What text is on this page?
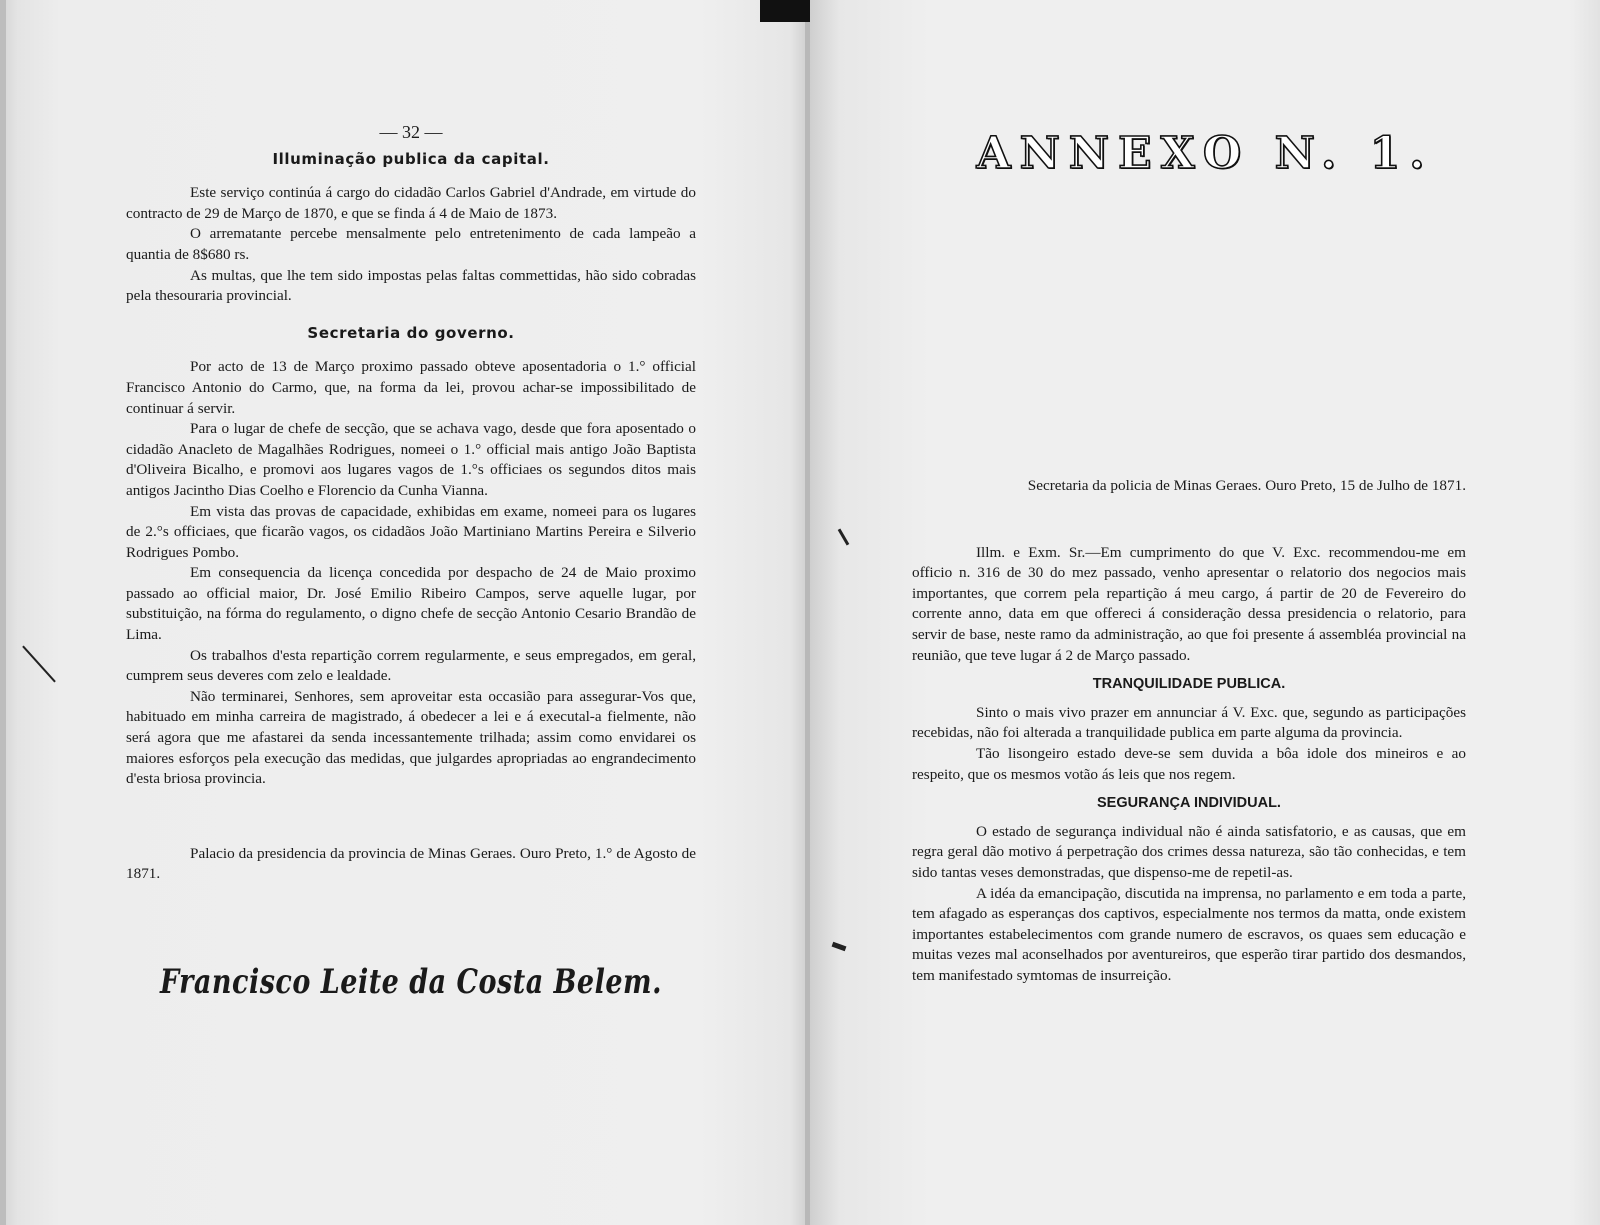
— 32 —
Illuminação publica da capital.

Este serviço continúa á cargo do cidadão Carlos Gabriel d'Andrade, em virtude do contracto de 29 de Março de 1870, e que se finda á 4 de Maio de 1873.

O arrematante percebe mensalmente pelo entretenimento de cada lampeão a quantia de 8$680 rs.

As multas, que lhe tem sido impostas pelas faltas commettidas, hão sido cobradas pela thesouraria provincial.

Secretaria do governo.

Por acto de 13 de Março proximo passado obteve aposentadoria o 1.° official Francisco Antonio do Carmo, que, na forma da lei, provou achar-se impossibilitado de continuar á servir.

Para o lugar de chefe de secção, que se achava vago, desde que fora aposentado o cidadão Anacleto de Magalhães Rodrigues, nomeei o 1.° official mais antigo João Baptista d'Oliveira Bicalho, e promovi aos lugares vagos de 1.°s officiaes os segundos ditos mais antigos Jacintho Dias Coelho e Florencio da Cunha Vianna.

Em vista das provas de capacidade, exhibidas em exame, nomeei para os lugares de 2.°s officiaes, que ficarão vagos, os cidadãos João Martiniano Martins Pereira e Silverio Rodrigues Pombo.

Em consequencia da licença concedida por despacho de 24 de Maio proximo passado ao official maior, Dr. José Emilio Ribeiro Campos, serve aquelle lugar, por substituição, na fórma do regulamento, o digno chefe de secção Antonio Cesario Brandão de Lima.

Os trabalhos d'esta repartição correm regularmente, e seus empregados, em geral, cumprem seus deveres com zelo e lealdade.

Não terminarei, Senhores, sem aproveitar esta occasião para assegurar-Vos que, habituado em minha carreira de magistrado, á obedecer a lei e á executal-a fielmente, não será agora que me afastarei da senda incessantemente trilhada; assim como envidarei os maiores esforços pela execução das medidas, que julgardes apropriadas ao engrandecimento d'esta briosa provincia.

Palacio da presidencia da provincia de Minas Geraes. Ouro Preto, 1.° de Agosto de 1871.

Francisco Leite da Costa Belem.
ANNEXO N. 1.
Secretaria da policia de Minas Geraes. Ouro Preto, 15 de Julho de 1871.

Illm. e Exm. Sr.—Em cumprimento do que V. Exc. recommendou-me em officio n. 316 de 30 do mez passado, venho apresentar o relatorio dos negocios mais importantes, que correm pela repartição á meu cargo, á partir de 20 de Fevereiro do corrente anno, data em que offereci á consideração dessa presidencia o relatorio, para servir de base, neste ramo da administração, ao que foi presente á assembléa provincial na reunião, que teve lugar á 2 de Março passado.

TRANQUILIDADE PUBLICA.

Sinto o mais vivo prazer em annunciar á V. Exc. que, segundo as participações recebidas, não foi alterada a tranquilidade publica em parte alguma da provincia.

Tão lisongeiro estado deve-se sem duvida a bôa idole dos mineiros e ao respeito, que os mesmos votão ás leis que nos regem.

SEGURANÇA INDIVIDUAL.

O estado de segurança individual não é ainda satisfatorio, e as causas, que em regra geral dão motivo á perpetração dos crimes dessa natureza, são tão conhecidas, e tem sido tantas veses demonstradas, que dispenso-me de repetil-as.

A idéa da emancipação, discutida na imprensa, no parlamento e em toda a parte, tem afagado as esperanças dos captivos, especialmente nos termos da matta, onde existem importantes estabelecimentos com grande numero de escravos, os quaes sem educação e muitas vezes mal aconselhados por aventureiros, que esperão tirar partido dos desmandos, tem manifestado symtomas de insurreição.
